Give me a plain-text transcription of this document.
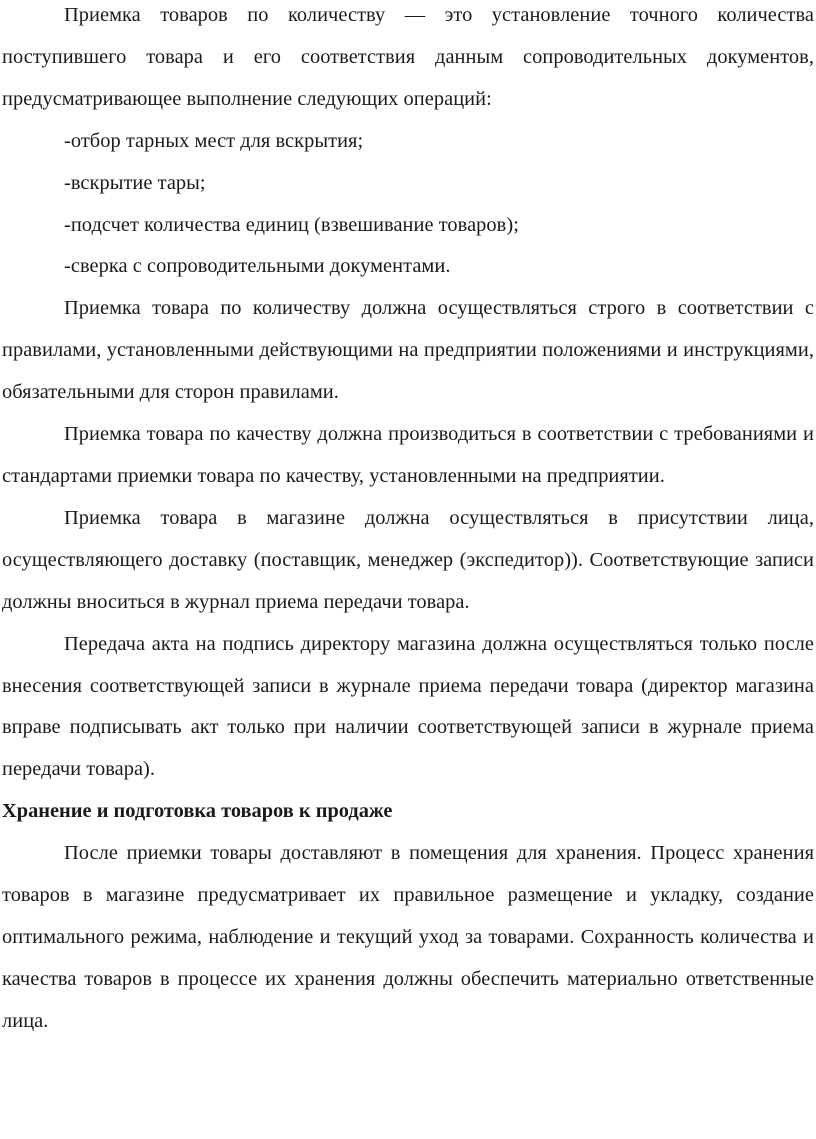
Приемка товаров по количеству — это установление точного количества поступившего товара и его соответствия данным сопроводительных документов, предусматривающее выполнение следующих операций:

-отбор тарных мест для вскрытия;

-вскрытие тары;

-подсчет количества единиц (взвешивание товаров);

-сверка с сопроводительными документами.

Приемка товара по количеству должна осуществляться строго в соответствии с правилами, установленными действующими на предприятии положениями и инструкциями, обязательными для сторон правилами.

Приемка товара по качеству должна производиться в соответствии с требованиями и стандартами приемки товара по качеству, установленными на предприятии.

Приемка товара в магазине должна осуществляться в присутствии лица, осуществляющего доставку (поставщик, менеджер (экспедитор)). Соответствующие записи должны вноситься в журнал приема передачи товара.

Передача акта на подпись директору магазина должна осуществляться только после внесения соответствующей записи в журнале приема передачи товара (директор магазина вправе подписывать акт только при наличии соответствующей записи в журнале приема передачи товара).

Хранение и подготовка товаров к продаже

После приемки товары доставляют в помещения для хранения. Процесс хранения товаров в магазине предусматривает их правильное размещение и укладку, создание оптимального режима, наблюдение и текущий уход за товарами. Сохранность количества и качества товаров в процессе их хранения должны обеспечить материально ответственные лица.
